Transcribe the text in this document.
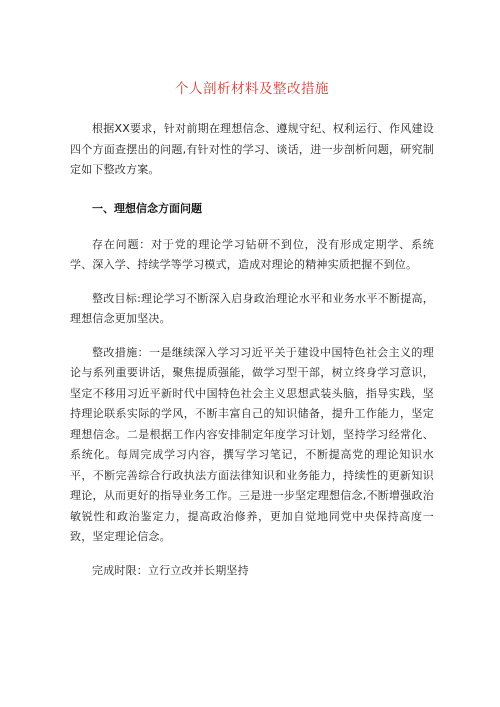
个人剖析材料及整改措施

根据XX要求，针对前期在理想信念、遵规守纪、权利运行、作风建设四个方面查摆出的问题,有针对性的学习、谈话，进一步剖析问题，研究制定如下整改方案。

一、理想信念方面问题

存在问题：对于党的理论学习钻研不到位，没有形成定期学、系统学、深入学、持续学等学习模式，造成对理论的精神实质把握不到位。

整改目标:理论学习不断深入启身政治理论水平和业务水平不断提高，理想信念更加坚决。

整改措施：一是继续深入学习习近平关于建设中国特色社会主义的理论与系列重要讲话，聚焦提质强能，做学习型干部，树立终身学习意识，坚定不移用习近平新时代中国特色社会主义思想武装头脑，指导实践，坚持理论联系实际的学风，不断丰富自己的知识储备，提升工作能力，坚定理想信念。二是根据工作内容安排制定年度学习计划，坚持学习经常化、系统化。每周完成学习内容，撰写学习笔记，不断提高党的理论知识水平，不断完善综合行政执法方面法律知识和业务能力，持续性的更新知识理论，从而更好的指导业务工作。三是进一步坚定理想信念,不断增强政治敏锐性和政治鉴定力，提高政治修养，更加自觉地同党中央保持高度一致，坚定理论信念。

完成时限：立行立改并长期坚持
